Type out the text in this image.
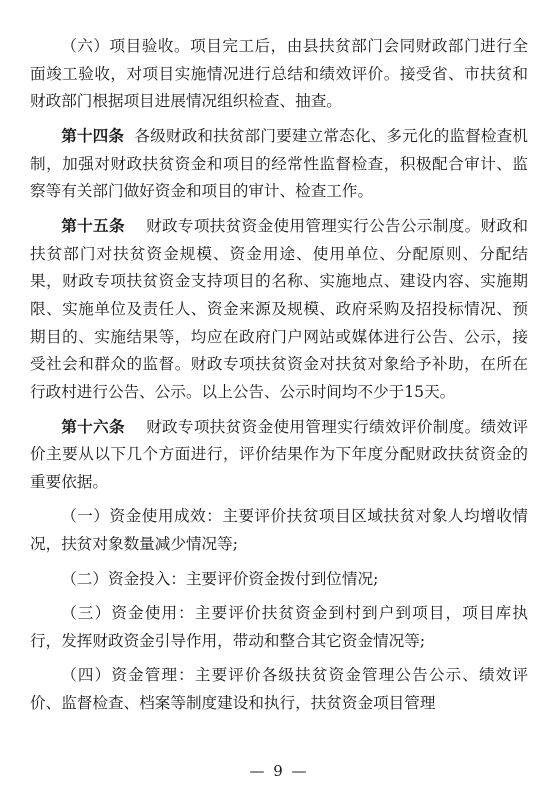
（六）项目验收。项目完工后，由县扶贫部门会同财政部门进行全面竣工验收，对项目实施情况进行总结和绩效评价。接受省、市扶贫和财政部门根据项目进展情况组织检查、抽查。

第十四条 各级财政和扶贫部门要建立常态化、多元化的监督检查机制，加强对财政扶贫资金和项目的经常性监督检查，积极配合审计、监察等有关部门做好资金和项目的审计、检查工作。

第十五条 财政专项扶贫资金使用管理实行公告公示制度。财政和扶贫部门对扶贫资金规模、资金用途、使用单位、分配原则、分配结果，财政专项扶贫资金支持项目的名称、实施地点、建设内容、实施期限、实施单位及责任人、资金来源及规模、政府采购及招投标情况、预期目的、实施结果等，均应在政府门户网站或媒体进行公告、公示，接受社会和群众的监督。财政专项扶贫资金对扶贫对象给予补助，在所在行政村进行公告、公示。以上公告、公示时间均不少于15天。

第十六条 财政专项扶贫资金使用管理实行绩效评价制度。绩效评价主要从以下几个方面进行，评价结果作为下年度分配财政扶贫资金的重要依据。

（一）资金使用成效：主要评价扶贫项目区域扶贫对象人均增收情况，扶贫对象数量减少情况等;

（二）资金投入：主要评价资金拨付到位情况;

（三）资金使用：主要评价扶贫资金到村到户到项目，项目库执行，发挥财政资金引导作用，带动和整合其它资金情况等;

（四）资金管理：主要评价各级扶贫资金管理公告公示、绩效评价、监督检查、档案等制度建设和执行，扶贫资金项目管理

— 9 —
